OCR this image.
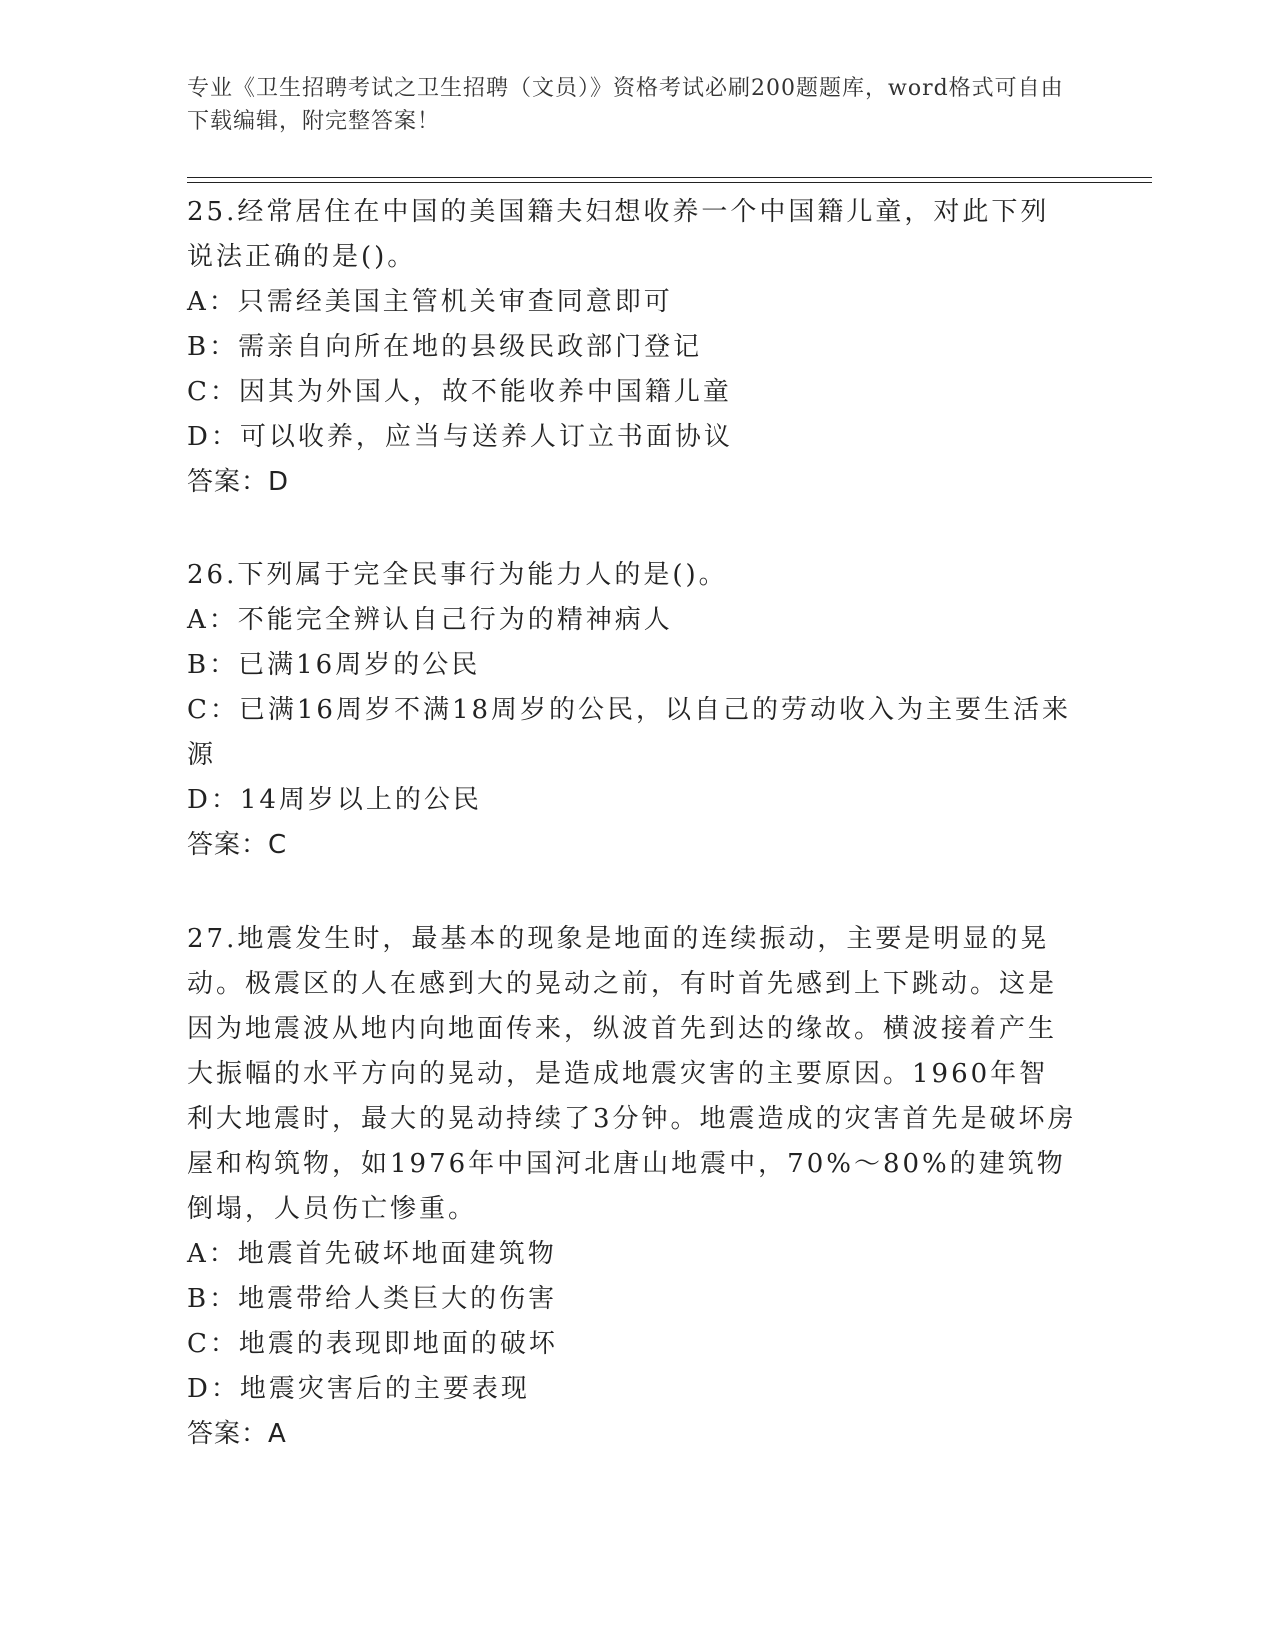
专业《卫生招聘考试之卫生招聘（文员）》资格考试必刷200题题库，word格式可自由下载编辑，附完整答案！
25.经常居住在中国的美国籍夫妇想收养一个中国籍儿童，对此下列说法正确的是()。
A：只需经美国主管机关审查同意即可
B：需亲自向所在地的县级民政部门登记
C：因其为外国人，故不能收养中国籍儿童
D：可以收养，应当与送养人订立书面协议
答案：D
26.下列属于完全民事行为能力人的是()。
A：不能完全辨认自己行为的精神病人
B：已满16周岁的公民
C：已满16周岁不满18周岁的公民，以自己的劳动收入为主要生活来源
D：14周岁以上的公民
答案：C
27.地震发生时，最基本的现象是地面的连续振动，主要是明显的晃动。极震区的人在感到大的晃动之前，有时首先感到上下跳动。这是因为地震波从地内向地面传来，纵波首先到达的缘故。横波接着产生大振幅的水平方向的晃动，是造成地震灾害的主要原因。1960年智利大地震时，最大的晃动持续了3分钟。地震造成的灾害首先是破坏房屋和构筑物，如1976年中国河北唐山地震中，70%～80%的建筑物倒塌，人员伤亡惨重。
A：地震首先破坏地面建筑物
B：地震带给人类巨大的伤害
C：地震的表现即地面的破坏
D：地震灾害后的主要表现
答案：A
